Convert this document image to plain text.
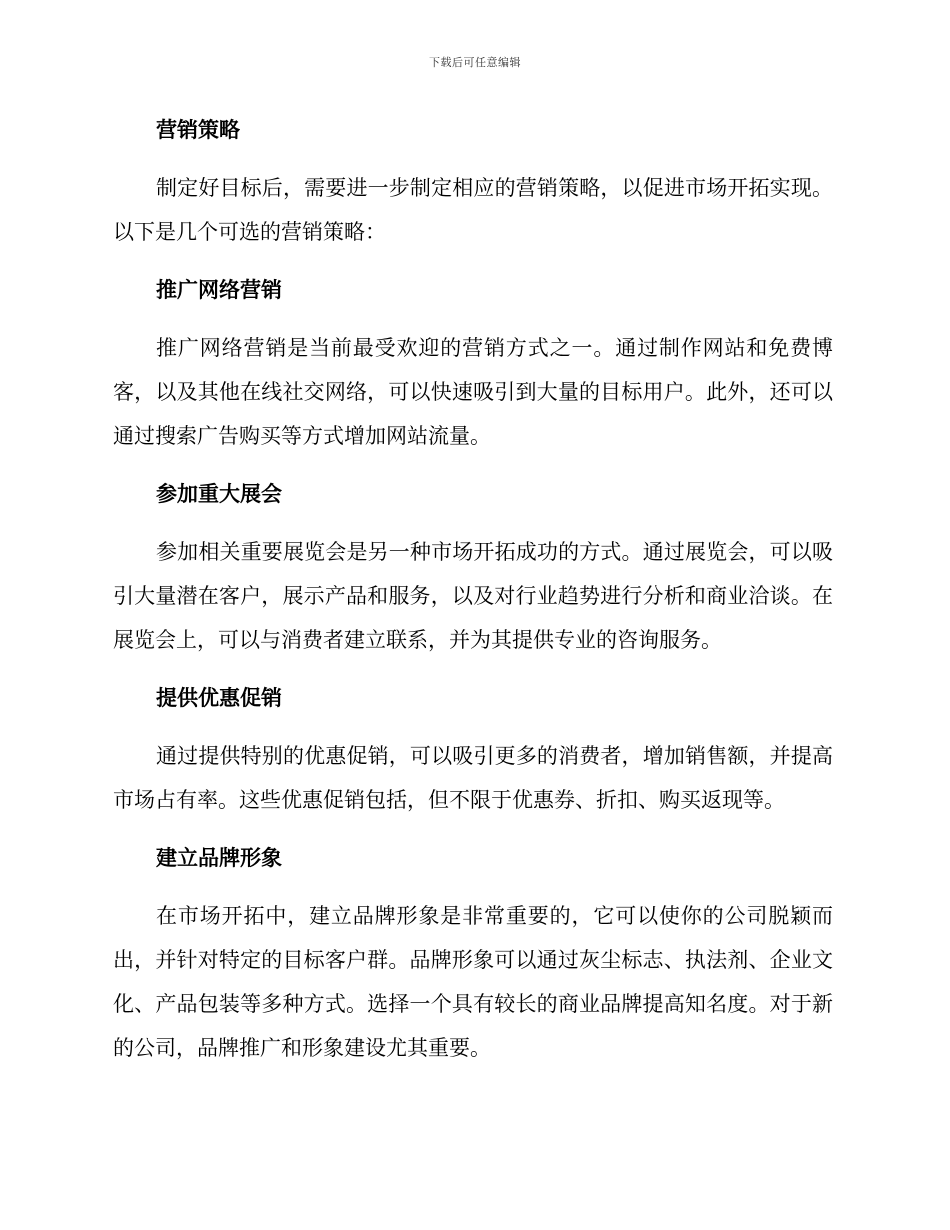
下载后可任意编辑
营销策略

制定好目标后，需要进一步制定相应的营销策略，以促进市场开拓实现。以下是几个可选的营销策略：

推广网络营销

推广网络营销是当前最受欢迎的营销方式之一。通过制作网站和免费博客，以及其他在线社交网络，可以快速吸引到大量的目标用户。此外，还可以通过搜索广告购买等方式增加网站流量。

参加重大展会

参加相关重要展览会是另一种市场开拓成功的方式。通过展览会，可以吸引大量潜在客户，展示产品和服务，以及对行业趋势进行分析和商业洽谈。在展览会上，可以与消费者建立联系，并为其提供专业的咨询服务。

提供优惠促销

通过提供特别的优惠促销，可以吸引更多的消费者，增加销售额，并提高市场占有率。这些优惠促销包括，但不限于优惠券、折扣、购买返现等。

建立品牌形象

在市场开拓中，建立品牌形象是非常重要的，它可以使你的公司脱颖而出，并针对特定的目标客户群。品牌形象可以通过灰尘标志、执法剂、企业文化、产品包装等多种方式。选择一个具有较长的商业品牌提高知名度。对于新的公司，品牌推广和形象建设尤其重要。
